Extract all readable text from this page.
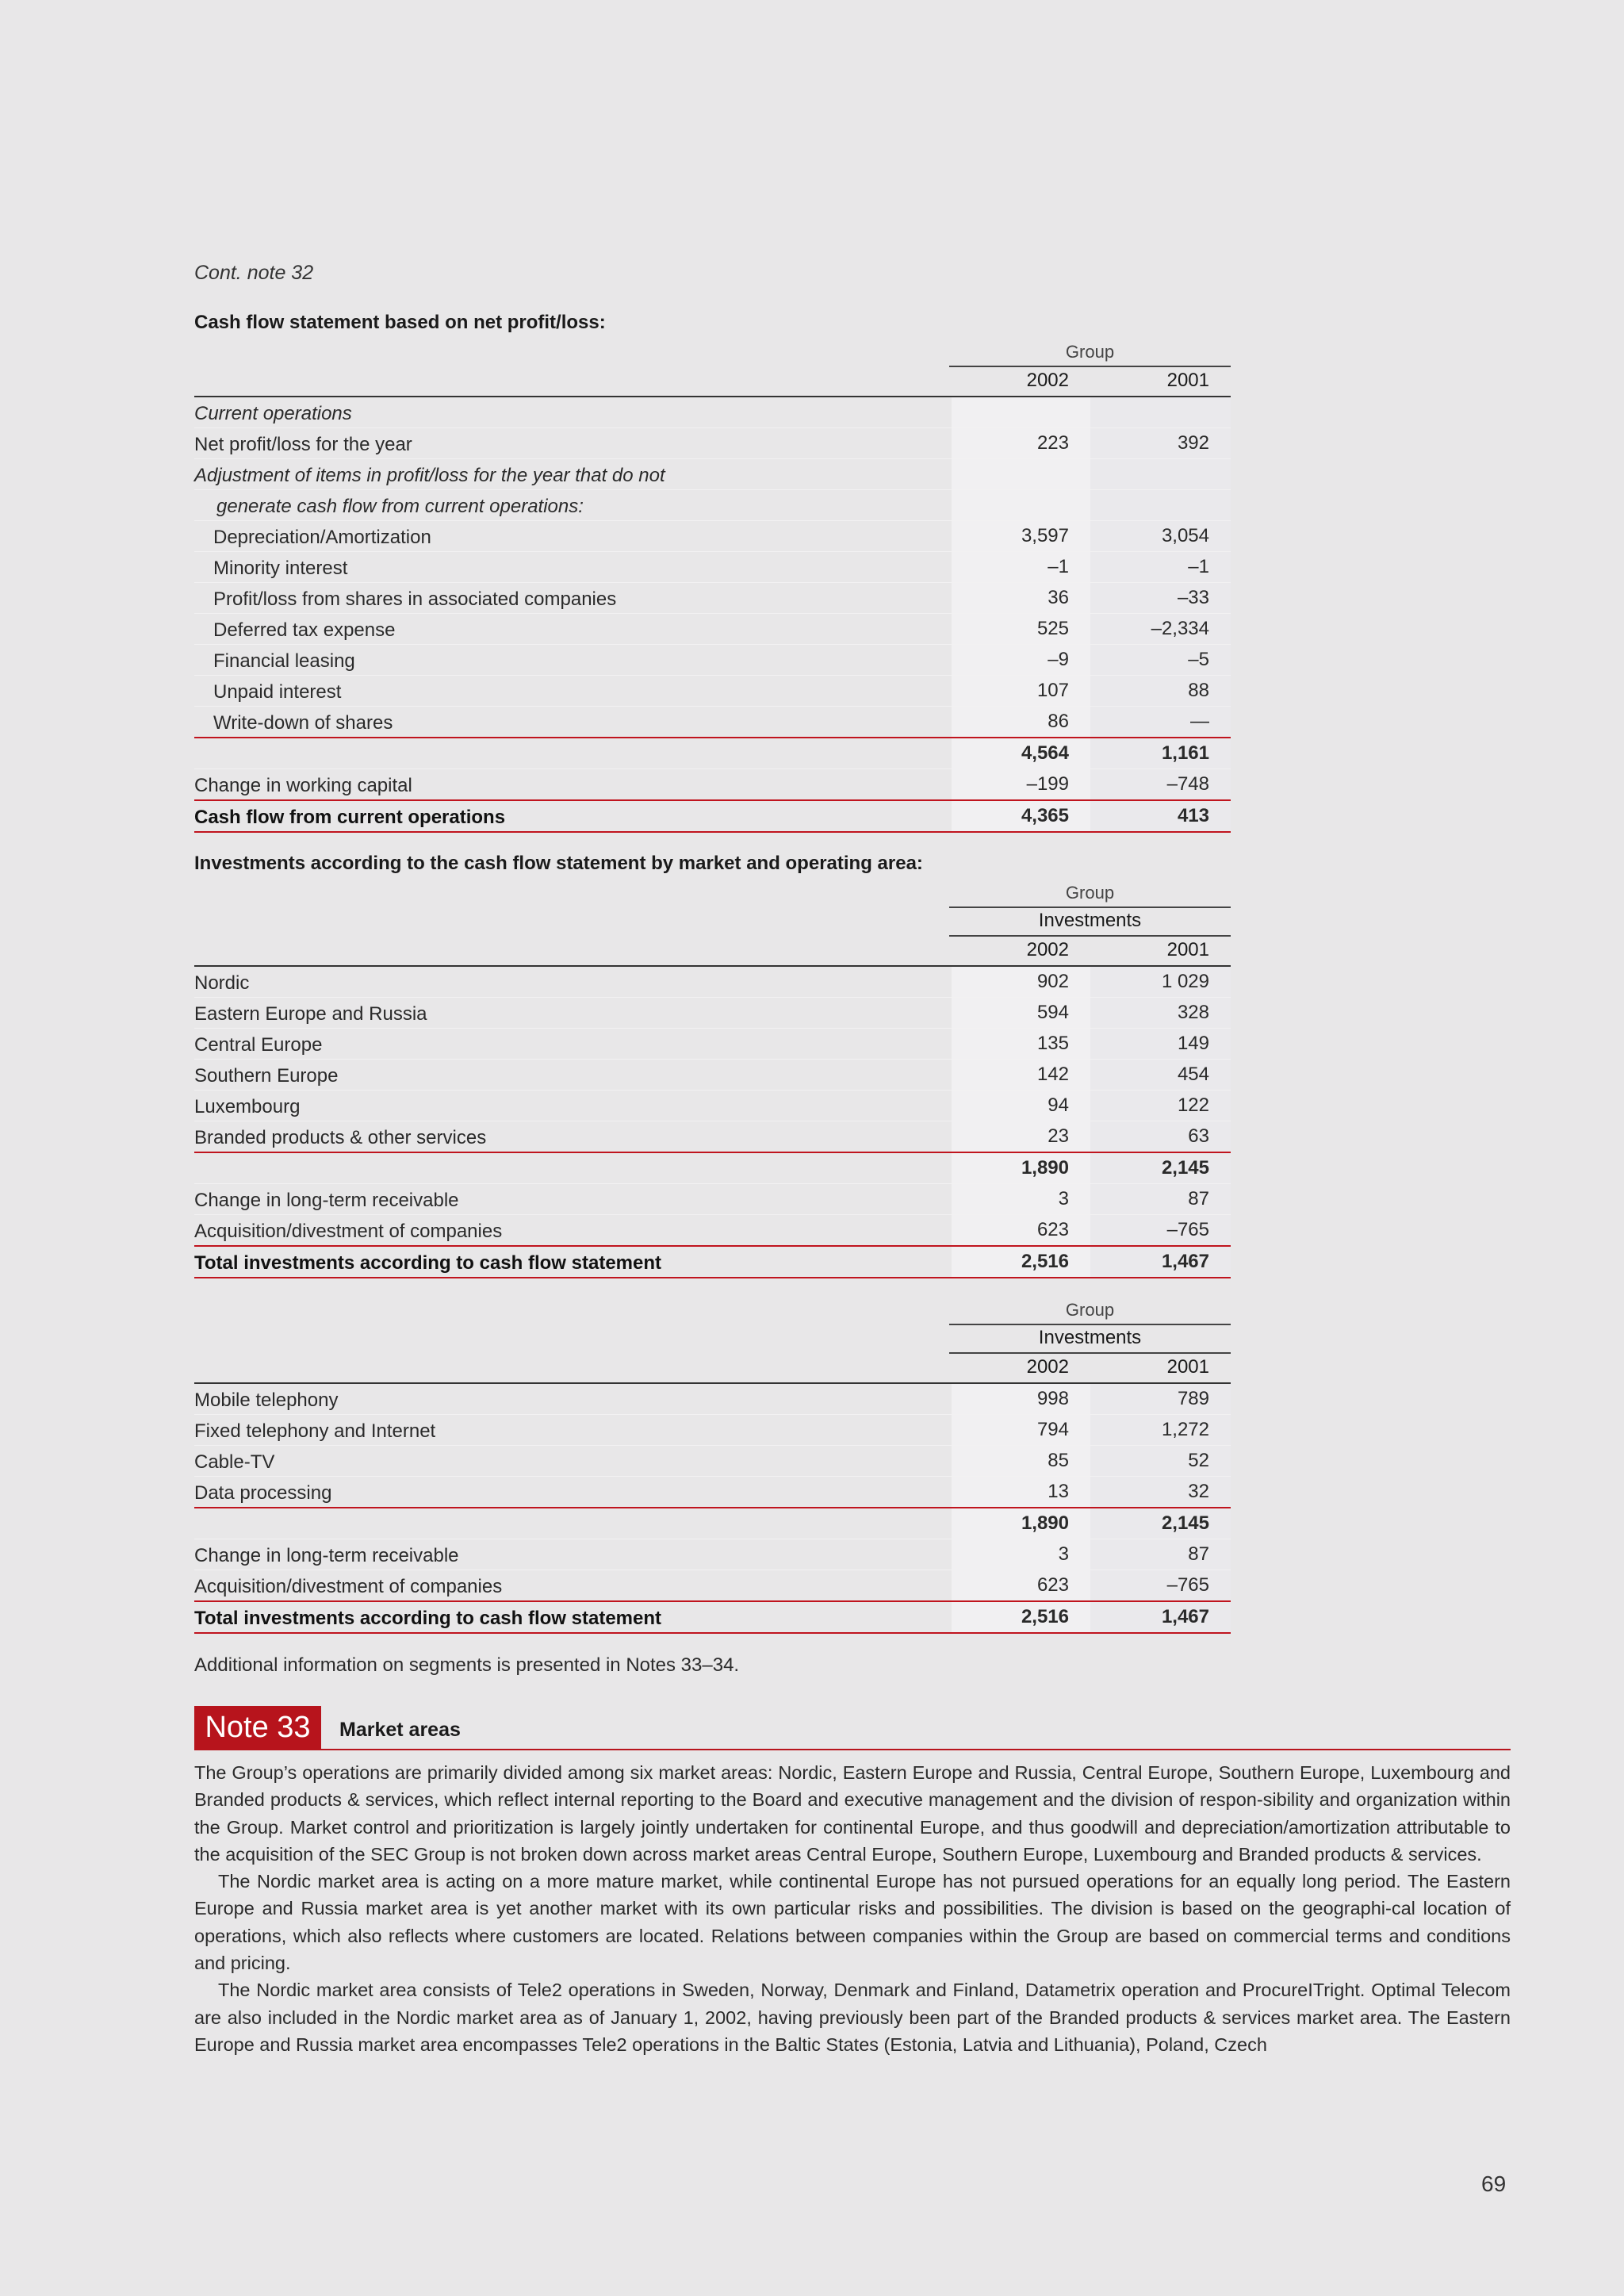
Cont. note 32
Cash flow statement based on net profit/loss:
Group
2002	2001
Current operations
Net profit/loss for the year	223	392
Adjustment of items in profit/loss for the year that do not
generate cash flow from current operations:
Depreciation/Amortization	3,597	3,054
Minority interest	–1	–1
Profit/loss from shares in associated companies	36	–33
Deferred tax expense	525	–2,334
Financial leasing	–9	–5
Unpaid interest	107	88
Write-down of shares	86	—
4,564	1,161
Change in working capital	–199	–748
Cash flow from current operations	4,365	413
Investments according to the cash flow statement by market and operating area:
Group
Investments
2002	2001
Nordic	902	1 029
Eastern Europe and Russia	594	328
Central Europe	135	149
Southern Europe	142	454
Luxembourg	94	122
Branded products & other services	23	63
1,890	2,145
Change in long-term receivable	3	87
Acquisition/divestment of companies	623	–765
Total investments according to cash flow statement	2,516	1,467
Group
Investments
2002	2001
Mobile telephony	998	789
Fixed telephony and Internet	794	1,272
Cable-TV	85	52
Data processing	13	32
1,890	2,145
Change in long-term receivable	3	87
Acquisition/divestment of companies	623	–765
Total investments according to cash flow statement	2,516	1,467
Additional information on segments is presented in Notes 33–34.
Note 33	Market areas

The Group’s operations are primarily divided among six market areas: Nordic, Eastern Europe and Russia, Central Europe, Southern Europe, Luxembourg and Branded products & services, which reflect internal reporting to the Board and executive management and the division of respon-sibility and organization within the Group. Market control and prioritization is largely jointly undertaken for continental Europe, and thus goodwill and depreciation/amortization attributable to the acquisition of the SEC Group is not broken down across market areas Central Europe, Southern Europe, Luxembourg and Branded products & services.

The Nordic market area is acting on a more mature market, while continental Europe has not pursued operations for an equally long period. The Eastern Europe and Russia market area is yet another market with its own particular risks and possibilities. The division is based on the geographi-cal location of operations, which also reflects where customers are located. Relations between companies within the Group are based on commercial terms and conditions and pricing.

The Nordic market area consists of Tele2 operations in Sweden, Norway, Denmark and Finland, Datametrix operation and ProcureITright. Optimal Telecom are also included in the Nordic market area as of January 1, 2002, having previously been part of the Branded products & services market area. The Eastern Europe and Russia market area encompasses Tele2 operations in the Baltic States (Estonia, Latvia and Lithuania), Poland, Czech

69
